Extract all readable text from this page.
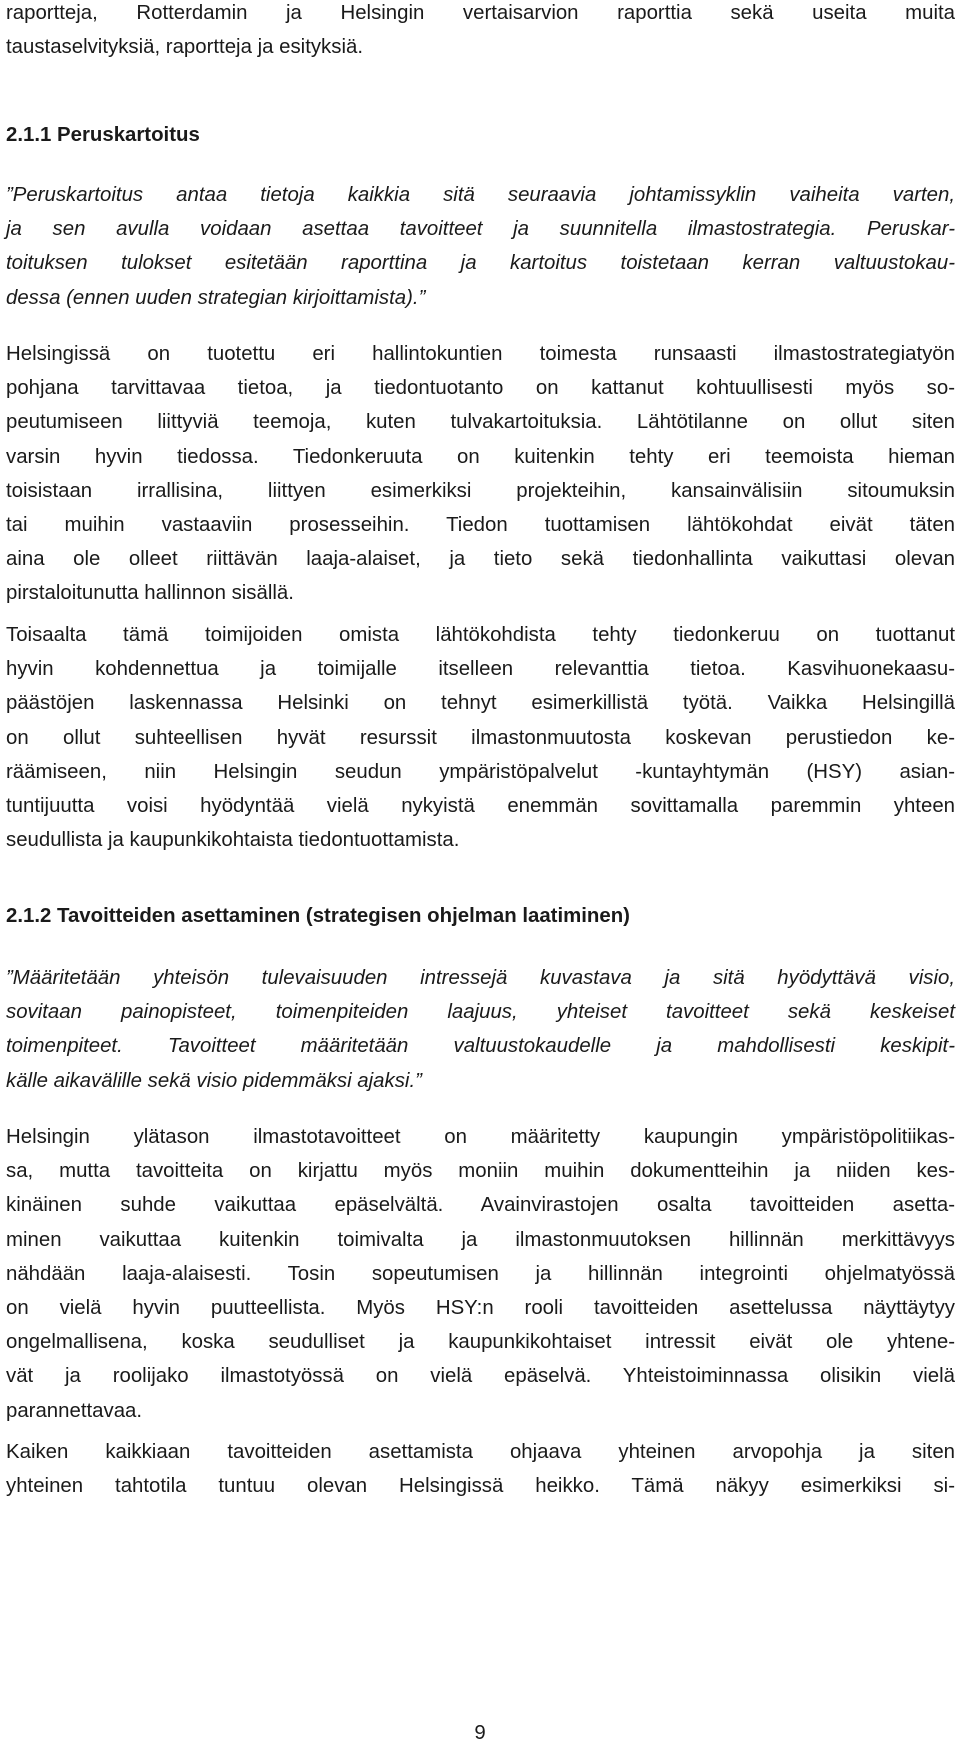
raportteja, Rotterdamin ja Helsingin vertaisarvion raporttia sekä useita muita
taustaselvityksiä, raportteja ja esityksiä.
2.1.1 Peruskartoitus
”Peruskartoitus antaa tietoja kaikkia sitä seuraavia johtamissyklin vaiheita varten,
ja sen avulla voidaan asettaa tavoitteet ja suunnitella ilmastostrategia. Peruskar-
toituksen tulokset esitetään raporttina ja kartoitus toistetaan kerran valtuustokau-
dessa (ennen uuden strategian kirjoittamista).”
Helsingissä on tuotettu eri hallintokuntien toimesta runsaasti ilmastostrategiatyön
pohjana tarvittavaa tietoa, ja tiedontuotanto on kattanut kohtuullisesti myös so-
peutumiseen liittyviä teemoja, kuten tulvakartoituksia. Lähtötilanne on ollut siten
varsin hyvin tiedossa. Tiedonkeruuta on kuitenkin tehty eri teemoista hieman
toisistaan irrallisina, liittyen esimerkiksi projekteihin, kansainvälisiin sitoumuksin
tai muihin vastaaviin prosesseihin. Tiedon tuottamisen lähtökohdat eivät täten
aina ole olleet riittävän laaja-alaiset, ja tieto sekä tiedonhallinta vaikuttasi olevan
pirstaloitunutta hallinnon sisällä.
Toisaalta tämä toimijoiden omista lähtökohdista tehty tiedonkeruu on tuottanut
hyvin kohdennettua ja toimijalle itselleen relevanttia tietoa. Kasvihuonekaasu-
päästöjen laskennassa Helsinki on tehnyt esimerkillistä työtä. Vaikka Helsingillä
on ollut suhteellisen hyvät resurssit ilmastonmuutosta koskevan perustiedon ke-
räämiseen, niin Helsingin seudun ympäristöpalvelut -kuntayhtymän (HSY) asian-
tuntijuutta voisi hyödyntää vielä nykyistä enemmän sovittamalla paremmin yhteen
seudullista ja kaupunkikohtaista tiedontuottamista.
2.1.2 Tavoitteiden asettaminen (strategisen ohjelman laatiminen)
”Määritetään yhteisön tulevaisuuden intressejä kuvastava ja sitä hyödyttävä visio,
sovitaan painopisteet, toimenpiteiden laajuus, yhteiset tavoitteet sekä keskeiset
toimenpiteet. Tavoitteet määritetään valtuustokaudelle ja mahdollisesti keskipit-
källe aikavälille sekä visio pidemmäksi ajaksi.”
Helsingin ylätason ilmastotavoitteet on määritetty kaupungin ympäristöpolitiikas-
sa, mutta tavoitteita on kirjattu myös moniin muihin dokumentteihin ja niiden kes-
kinäinen suhde vaikuttaa epäselvältä. Avainvirastojen osalta tavoitteiden asetta-
minen vaikuttaa kuitenkin toimivalta ja ilmastonmuutoksen hillinnän merkittävyys
nähdään laaja-alaisesti. Tosin sopeutumisen ja hillinnän integrointi ohjelmatyössä
on vielä hyvin puutteellista. Myös HSY:n rooli tavoitteiden asettelussa näyttäytyy
ongelmallisena, koska seudulliset ja kaupunkikohtaiset intressit eivät ole yhtene-
vät ja roolijako ilmastotyössä on vielä epäselvä. Yhteistoiminnassa olisikin vielä
parannettavaa.
Kaiken kaikkiaan tavoitteiden asettamista ohjaava yhteinen arvopohja ja siten
yhteinen tahtotila tuntuu olevan Helsingissä heikko. Tämä näkyy esimerkiksi si-
9
